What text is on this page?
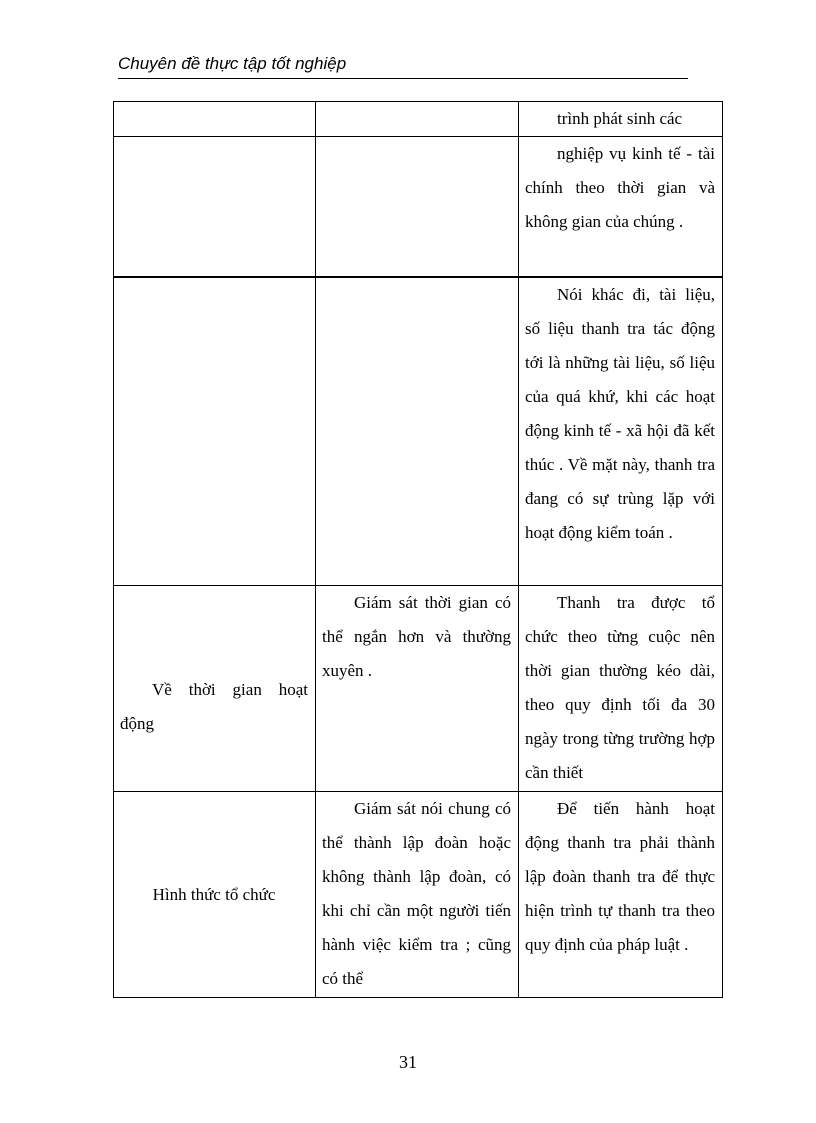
Chuyên đề thực tập tốt nghiệp

		trình phát sinh các

		nghiệp vụ kinh tế - tài chính theo thời gian và không gian của chúng .

		Nói khác đi, tài liệu, số liệu thanh tra tác động tới là những tài liệu, số liệu của quá khứ, khi các hoạt động kinh tế - xã hội đã kết thúc . Về mặt này, thanh tra đang có sự trùng lặp với hoạt động kiểm toán .

Về thời gian hoạt động	Giám sát thời gian có thể ngắn hơn và thường xuyên .	Thanh tra được tổ chức theo từng cuộc nên thời gian thường kéo dài, theo quy định tối đa 30 ngày trong từng trường hợp cần thiết

Hình thức tổ chức	Giám sát nói chung có thể thành lập đoàn hoặc không thành lập đoàn, có khi chỉ cần một người tiến hành việc kiểm tra ; cũng có thể	Để tiến hành hoạt động thanh tra phải thành lập đoàn thanh tra để thực hiện trình tự thanh tra theo quy định của pháp luật .

31
